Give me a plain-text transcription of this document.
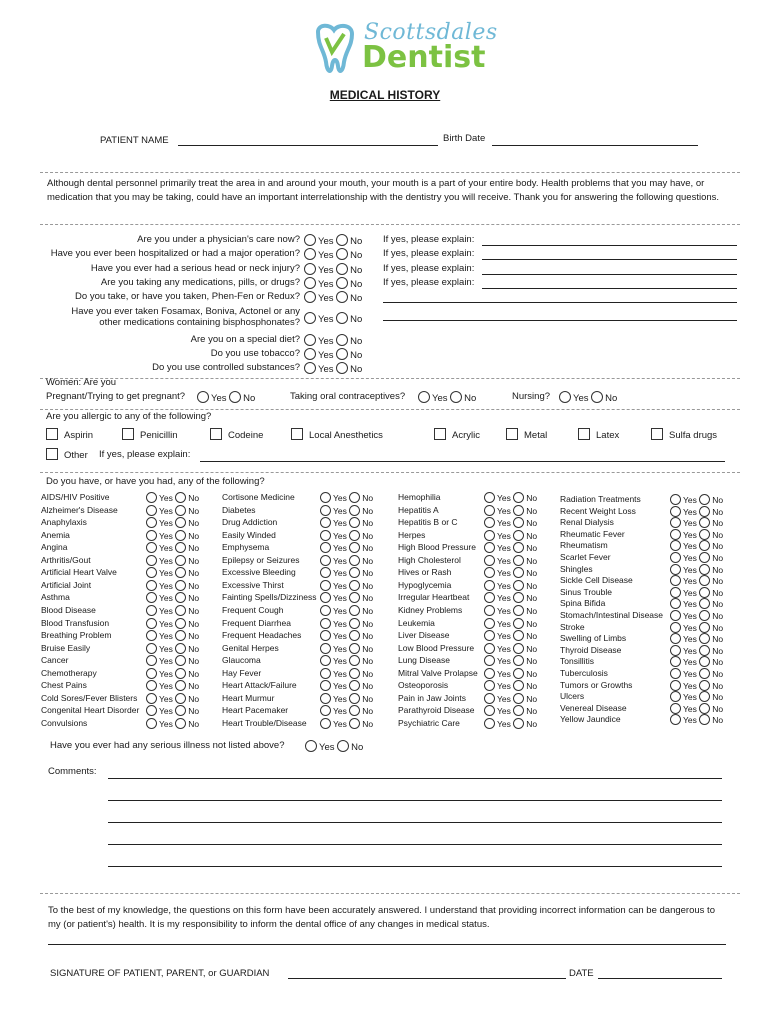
Scottsdales
Dentist
MEDICAL HISTORY
PATIENT NAME	Birth Date
Although dental personnel primarily treat the area in and around your mouth, your mouth is a part of your entire body. Health problems that you may have, or medication that you may be taking, could have an important interrelationship with the dentistry you will receive. Thank you for answering the following questions.
Are you under a physician's care now?	Yes No If yes, please explain:
Have you ever been hospitalized or had a major operation?	Yes No If yes, please explain:
Have you ever had a serious head or neck injury?	Yes No If yes, please explain:
Are you taking any medications, pills, or drugs?	Yes No If yes, please explain:
Do you take, or have you taken, Phen-Fen or Redux?	Yes No
Have you ever taken Fosamax, Boniva, Actonel or any other medications containing bisphosphonates?	Yes No
Are you on a special diet?	Yes No
Do you use tobacco?	Yes No
Do you use controlled substances?	Yes No
Women: Are you
Pregnant/Trying to get pregnant?	Yes No	Taking oral contraceptives?	Yes No	Nursing?	Yes No
Are you allergic to any of the following?
Aspirin	Penicillin	Codeine	Local Anesthetics	Acrylic	Metal	Latex	Sulfa drugs
Other If yes, please explain:
Do you have, or have you had, any of the following?
AIDS/HIV Positive	Yes No
Alzheimer's Disease	Yes No
Anaphylaxis	Yes No
Anemia	Yes No
Angina	Yes No
Arthritis/Gout	Yes No
Artificial Heart Valve	Yes No
Artificial Joint	Yes No
Asthma	Yes No
Blood Disease	Yes No
Blood Transfusion	Yes No
Breathing Problem	Yes No
Bruise Easily	Yes No
Cancer	Yes No
Chemotherapy	Yes No
Chest Pains	Yes No
Cold Sores/Fever Blisters	Yes No
Congenital Heart Disorder	Yes No
Convulsions	Yes No
Cortisone Medicine	Yes No
Diabetes	Yes No
Drug Addiction	Yes No
Easily Winded	Yes No
Emphysema	Yes No
Epilepsy or Seizures	Yes No
Excessive Bleeding	Yes No
Excessive Thirst	Yes No
Fainting Spells/Dizziness	Yes No
Frequent Cough	Yes No
Frequent Diarrhea	Yes No
Frequent Headaches	Yes No
Genital Herpes	Yes No
Glaucoma	Yes No
Hay Fever	Yes No
Heart Attack/Failure	Yes No
Heart Murmur	Yes No
Heart Pacemaker	Yes No
Heart Trouble/Disease	Yes No
Hemophilia	Yes No
Hepatitis A	Yes No
Hepatitis B or C	Yes No
Herpes	Yes No
High Blood Pressure	Yes No
High Cholesterol	Yes No
Hives or Rash	Yes No
Hypoglycemia	Yes No
Irregular Heartbeat	Yes No
Kidney Problems	Yes No
Leukemia	Yes No
Liver Disease	Yes No
Low Blood Pressure	Yes No
Lung Disease	Yes No
Mitral Valve Prolapse	Yes No
Osteoporosis	Yes No
Pain in Jaw Joints	Yes No
Parathyroid Disease	Yes No
Psychiatric Care	Yes No
Radiation Treatments	Yes No
Recent Weight Loss	Yes No
Renal Dialysis	Yes No
Rheumatic Fever	Yes No
Rheumatism	Yes No
Scarlet Fever	Yes No
Shingles	Yes No
Sickle Cell Disease	Yes No
Sinus Trouble	Yes No
Spina Bifida	Yes No
Stomach/Intestinal Disease	Yes No
Stroke	Yes No
Swelling of Limbs	Yes No
Thyroid Disease	Yes No
Tonsillitis	Yes No
Tuberculosis	Yes No
Tumors or Growths	Yes No
Ulcers	Yes No
Venereal Disease	Yes No
Yellow Jaundice	Yes No
Have you ever had any serious illness not listed above?	Yes No
Comments:
To the best of my knowledge, the questions on this form have been accurately answered. I understand that providing incorrect information can be dangerous to my (or patient's) health. It is my responsibility to inform the dental office of any changes in medical status.
SIGNATURE OF PATIENT, PARENT, or GUARDIAN	DATE
